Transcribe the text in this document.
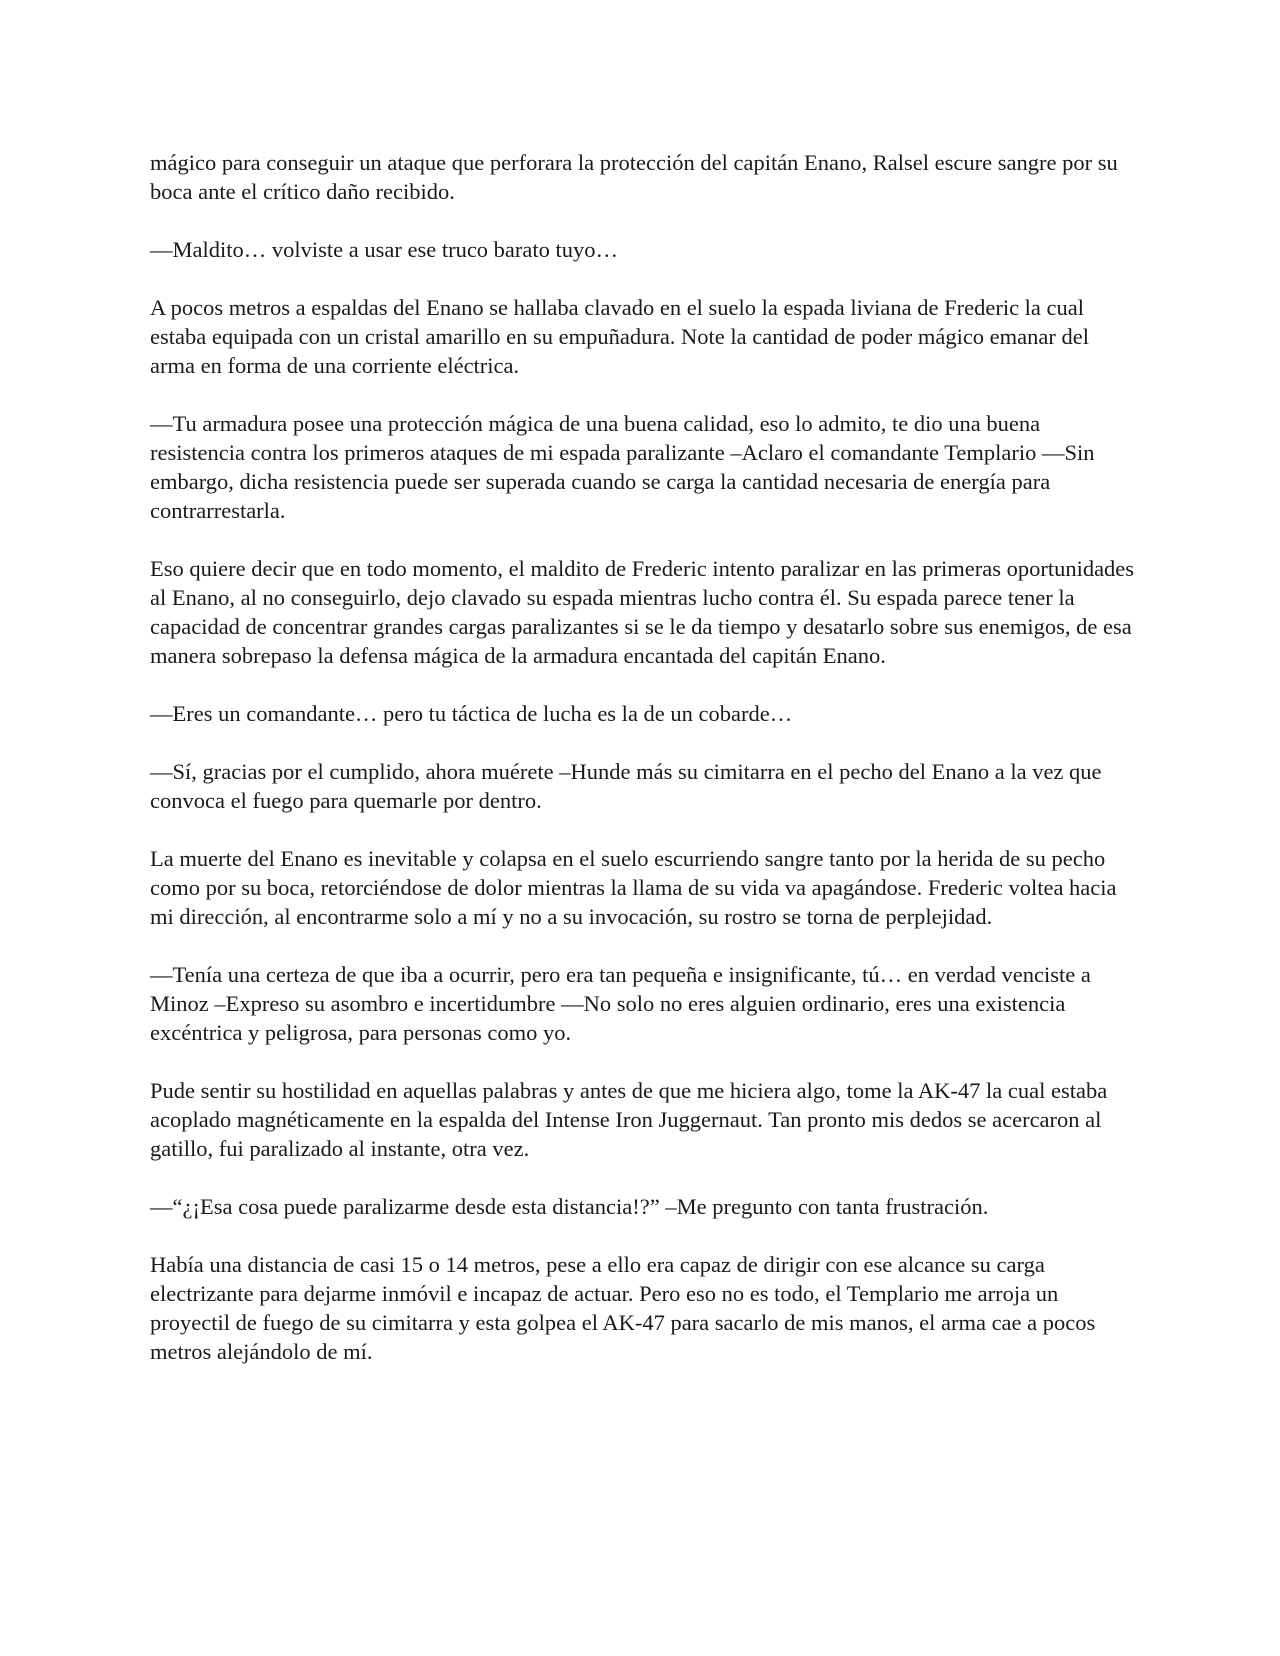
mágico para conseguir un ataque que perforara la protección del capitán Enano, Ralsel escure sangre por su boca ante el crítico daño recibido.

—Maldito… volviste a usar ese truco barato tuyo…

A pocos metros a espaldas del Enano se hallaba clavado en el suelo la espada liviana de Frederic la cual estaba equipada con un cristal amarillo en su empuñadura. Note la cantidad de poder mágico emanar del arma en forma de una corriente eléctrica.

—Tu armadura posee una protección mágica de una buena calidad, eso lo admito, te dio una buena resistencia contra los primeros ataques de mi espada paralizante –Aclaro el comandante Templario —Sin embargo, dicha resistencia puede ser superada cuando se carga la cantidad necesaria de energía para contrarrestarla.

Eso quiere decir que en todo momento, el maldito de Frederic intento paralizar en las primeras oportunidades al Enano, al no conseguirlo, dejo clavado su espada mientras lucho contra él. Su espada parece tener la capacidad de concentrar grandes cargas paralizantes si se le da tiempo y desatarlo sobre sus enemigos, de esa manera sobrepaso la defensa mágica de la armadura encantada del capitán Enano.

—Eres un comandante… pero tu táctica de lucha es la de un cobarde…

—Sí, gracias por el cumplido, ahora muérete –Hunde más su cimitarra en el pecho del Enano a la vez que convoca el fuego para quemarle por dentro.

La muerte del Enano es inevitable y colapsa en el suelo escurriendo sangre tanto por la herida de su pecho como por su boca, retorciéndose de dolor mientras la llama de su vida va apagándose. Frederic voltea hacia mi dirección, al encontrarme solo a mí y no a su invocación, su rostro se torna de perplejidad.

—Tenía una certeza de que iba a ocurrir, pero era tan pequeña e insignificante, tú… en verdad venciste a Minoz –Expreso su asombro e incertidumbre —No solo no eres alguien ordinario, eres una existencia excéntrica y peligrosa, para personas como yo.

Pude sentir su hostilidad en aquellas palabras y antes de que me hiciera algo, tome la AK-47 la cual estaba acoplado magnéticamente en la espalda del Intense Iron Juggernaut. Tan pronto mis dedos se acercaron al gatillo, fui paralizado al instante, otra vez.

—“¿¡Esa cosa puede paralizarme desde esta distancia!?” –Me pregunto con tanta frustración.

Había una distancia de casi 15 o 14 metros, pese a ello era capaz de dirigir con ese alcance su carga electrizante para dejarme inmóvil e incapaz de actuar. Pero eso no es todo, el Templario me arroja un proyectil de fuego de su cimitarra y esta golpea el AK-47 para sacarlo de mis manos, el arma cae a pocos metros alejándolo de mí.
